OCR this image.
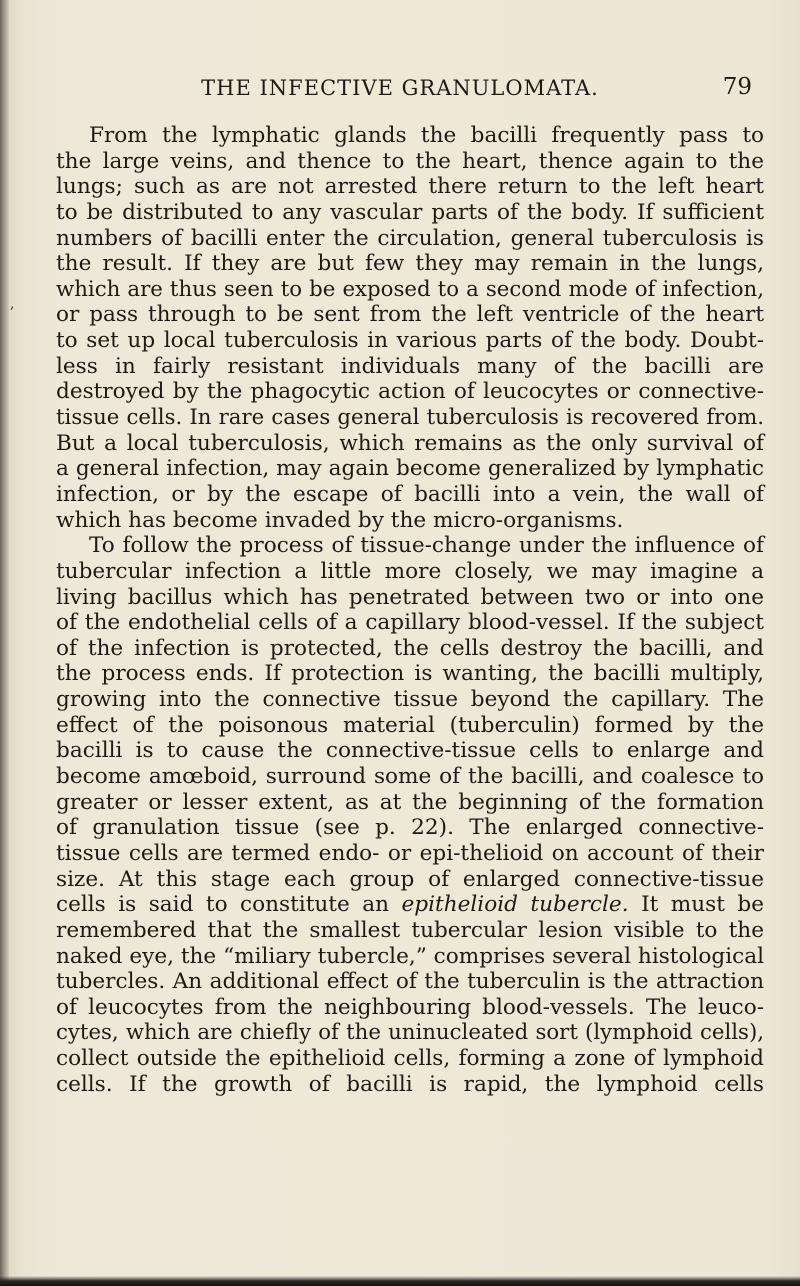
,
THE INFECTIVE GRANULOMATA.	79
From the lymphatic glands the bacilli frequently pass to
the large veins, and thence to the heart, thence again to the
lungs; such as are not arrested there return to the left heart
to be distributed to any vascular parts of the body. If sufficient
numbers of bacilli enter the circulation, general tuberculosis is
the result. If they are but few they may remain in the lungs,
which are thus seen to be exposed to a second mode of infection,
or pass through to be sent from the left ventricle of the heart
to set up local tuberculosis in various parts of the body. Doubt-
less in fairly resistant individuals many of the bacilli are
destroyed by the phagocytic action of leucocytes or connective-
tissue cells. In rare cases general tuberculosis is recovered from.
But a local tuberculosis, which remains as the only survival of
a general infection, may again become generalized by lymphatic
infection, or by the escape of bacilli into a vein, the wall of
which has become invaded by the micro-organisms.
To follow the process of tissue-change under the influence of
tubercular infection a little more closely, we may imagine a
living bacillus which has penetrated between two or into one
of the endothelial cells of a capillary blood-vessel. If the subject
of the infection is protected, the cells destroy the bacilli, and
the process ends. If protection is wanting, the bacilli multiply,
growing into the connective tissue beyond the capillary. The
effect of the poisonous material (tuberculin) formed by the
bacilli is to cause the connective-tissue cells to enlarge and
become amœboid, surround some of the bacilli, and coalesce to
greater or lesser extent, as at the beginning of the formation
of granulation tissue (see p. 22). The enlarged connective-
tissue cells are termed endo- or epi-thelioid on account of their
size. At this stage each group of enlarged connective-tissue
cells is said to constitute an epithelioid tubercle. It must be
remembered that the smallest tubercular lesion visible to the
naked eye, the “miliary tubercle,” comprises several histological
tubercles. An additional effect of the tuberculin is the attraction
of leucocytes from the neighbouring blood-vessels. The leuco-
cytes, which are chiefly of the uninucleated sort (lymphoid cells),
collect outside the epithelioid cells, forming a zone of lymphoid
cells. If the growth of bacilli is rapid, the lymphoid cells
